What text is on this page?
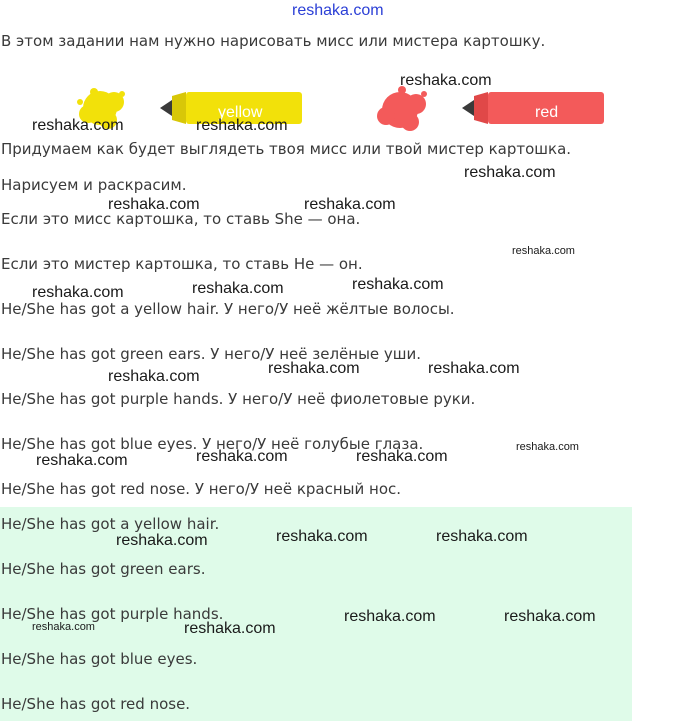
reshaka.com
В этом задании нам нужно нарисовать мисс или мистера картошку.
yellow	red
Придумаем как будет выглядеть твоя мисс или твой мистер картошка.
Нарисуем и раскрасим.
Если это мисс картошка, то ставь She — она.
Если это мистер картошка, то ставь He — он.
He/She has got a yellow hair. У него/У неё жёлтые волосы.
He/She has got green ears. У него/У неё зелёные уши.
He/She has got purple hands. У него/У неё фиолетовые руки.
He/She has got blue eyes. У него/У неё голубые глаза.
He/She has got red nose. У него/У неё красный нос.
He/She has got a yellow hair.
He/She has got green ears.
He/She has got purple hands.
He/She has got blue eyes.
He/She has got red nose.
reshaka.com
reshaka.com	reshaka.com
reshaka.com
reshaka.com	reshaka.com
reshaka.com
reshaka.com
reshaka.com	reshaka.com
reshaka.com	reshaka.com
reshaka.com
reshaka.com
reshaka.com	reshaka.com
reshaka.com
reshaka.com	reshaka.com
reshaka.com
reshaka.com	reshaka.com
reshaka.com	reshaka.com
